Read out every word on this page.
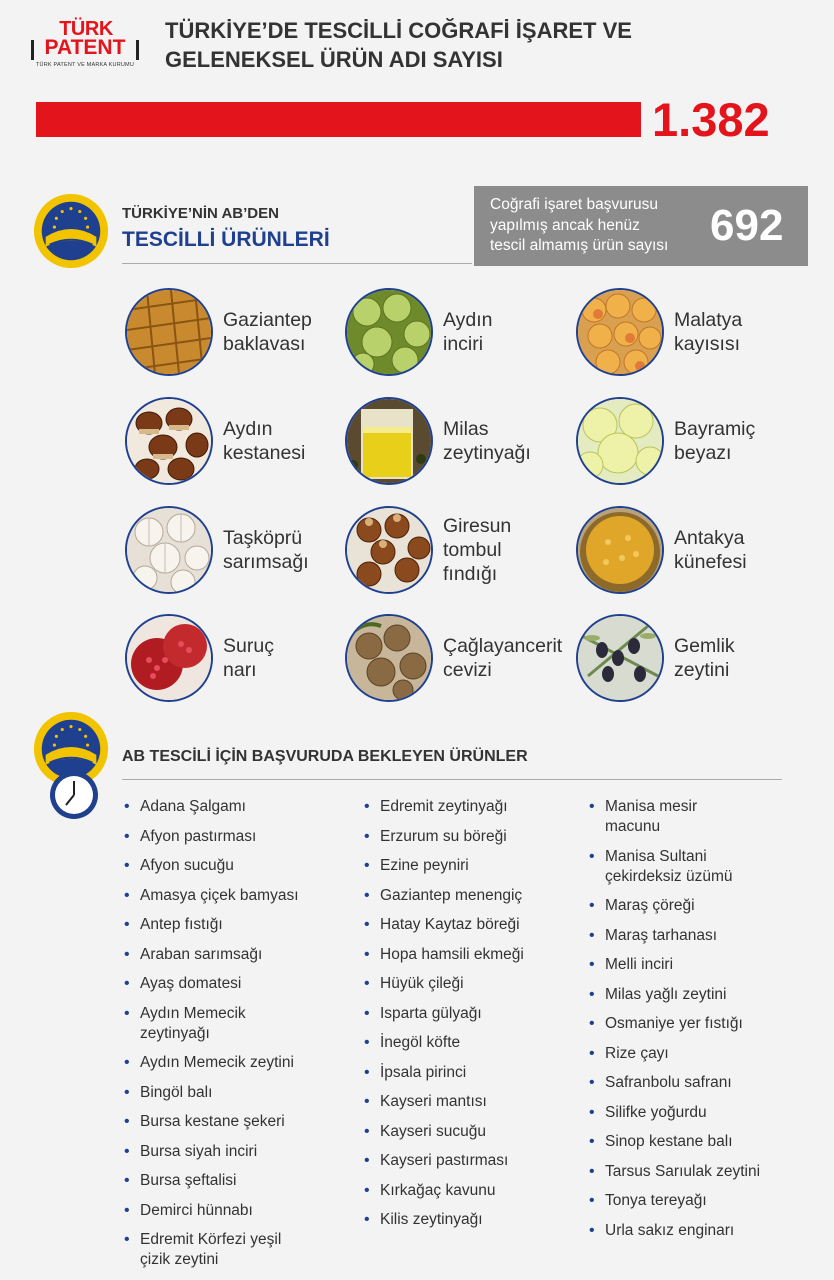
TÜRK
PATENT
TÜRK PATENT VE MARKA KURUMU
TÜRKİYE’DE TESCİLLİ COĞRAFİ İŞARET VE
GELENEKSEL ÜRÜN ADI SAYISI
1.382
TÜRKİYE’NİN AB’DEN
TESCİLLİ ÜRÜNLERİ
Coğrafi işaret başvurusu
yapılmış ancak henüz
tescil almamış ürün sayısı 692
Gaziantep
baklavası
Aydın
inciri
Malatya
kayısısı
Aydın
kestanesi
Milas
zeytinyağı
Bayramiç
beyazı
Taşköprü
sarımsağı
Giresun
tombul
fındığı
Antakya
künefesi
Suruç
narı
Çağlayancerit
cevizi
Gemlik
zeytini
AB TESCİLİ İÇİN BAŞVURUDA BEKLEYEN ÜRÜNLER
• Adana Şalgamı
• Afyon pastırması
• Afyon sucuğu
• Amasya çiçek bamyası
• Antep fıstığı
• Araban sarımsağı
• Ayaş domatesi
• Aydın Memecik
zeytinyağı
• Aydın Memecik zeytini
• Bingöl balı
• Bursa kestane şekeri
• Bursa siyah inciri
• Bursa şeftalisi
• Demirci hünnabı
• Edremit Körfezi yeşil
çizik zeytini
• Edremit zeytinyağı
• Erzurum su böreği
• Ezine peyniri
• Gaziantep menengiç
• Hatay Kaytaz böreği
• Hopa hamsili ekmeği
• Hüyük çileği
• Isparta gülyağı
• İnegöl köfte
• İpsala pirinci
• Kayseri mantısı
• Kayseri sucuğu
• Kayseri pastırması
• Kırkağaç kavunu
• Kilis zeytinyağı
• Manisa mesir
macunu
• Manisa Sultani
çekirdeksiz üzümü
• Maraş çöreği
• Maraş tarhanası
• Melli inciri
• Milas yağlı zeytini
• Osmaniye yer fıstığı
• Rize çayı
• Safranbolu safranı
• Silifke yoğurdu
• Sinop kestane balı
• Tarsus Sarıulak zeytini
• Tonya tereyağı
• Urla sakız enginarı
